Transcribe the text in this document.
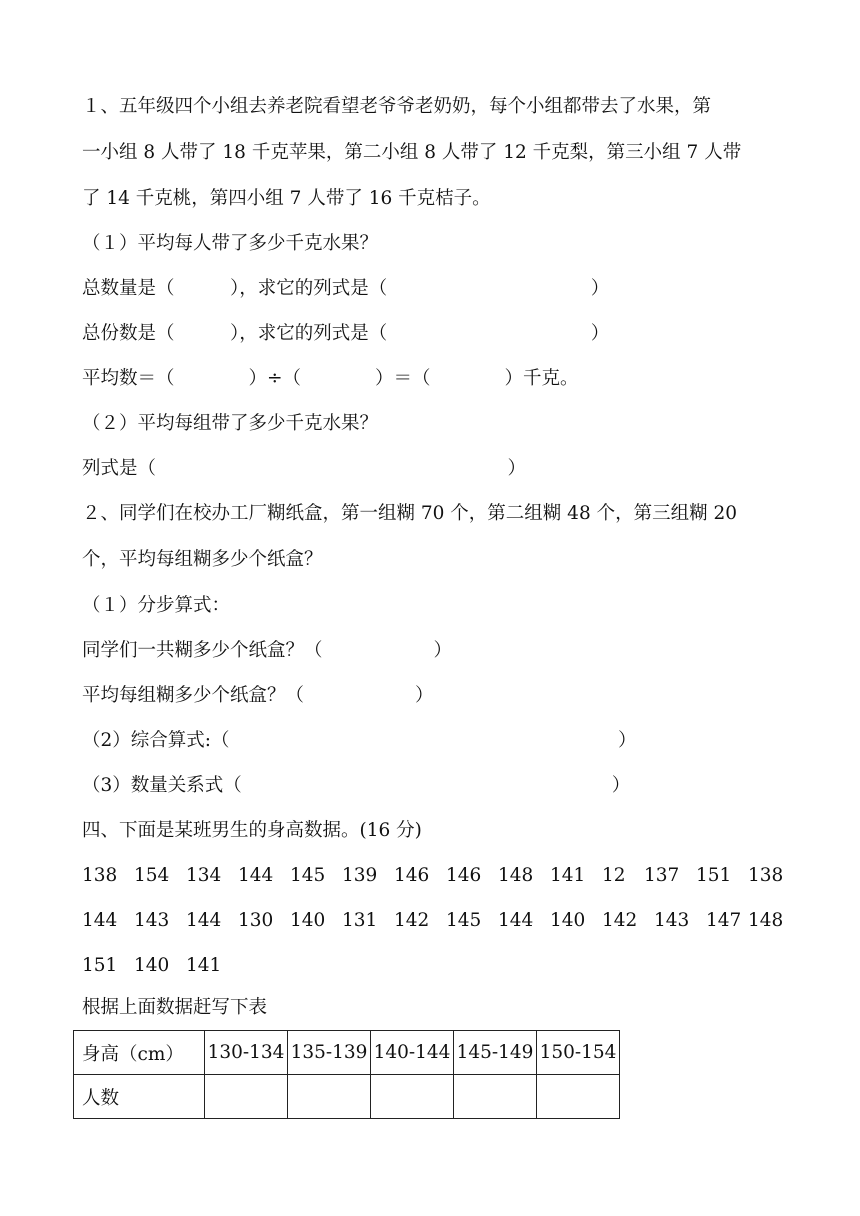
１、五年级四个小组去养老院看望老爷爷老奶奶，每个小组都带去了水果，第

一小组 8 人带了 18 千克苹果，第二小组 8 人带了 12 千克梨，第三小组 7 人带

了 14 千克桃，第四小组 7 人带了 16 千克桔子。

（１）平均每人带了多少千克水果？

总数量是（　　　），求它的列式是（　　　　　　　　　　　）

总份数是（　　　），求它的列式是（　　　　　　　　　　　）

平均数＝（　　　　）÷（　　　　）＝（　　　　）千克。

（２）平均每组带了多少千克水果？

列式是（　　　　　　　　　　　　　　　　　　　）

２、同学们在校办工厂糊纸盒，第一组糊 70 个，第二组糊 48 个，第三组糊 20

个，平均每组糊多少个纸盒？

（１）分步算式：

同学们一共糊多少个纸盒？（　　　　　　）

平均每组糊多少个纸盒？（　　　　　　）

（2）综合算式:（　　　　　　　　　　　　　　　　　　　　　）

（3）数量关系式（　　　　　　　　　　　　　　　　　　　　）

四、下面是某班男生的身高数据。(16 分)

138 154 134 144 145 139 146 146 148 141 12 137 151 138
144 143 144 130 140 131 142 145 144 140 142 143 147 148
151 140 141

根据上面数据赶写下表

身高（cm）	130-134	135-139	140-144	145-149	150-154
人数					
